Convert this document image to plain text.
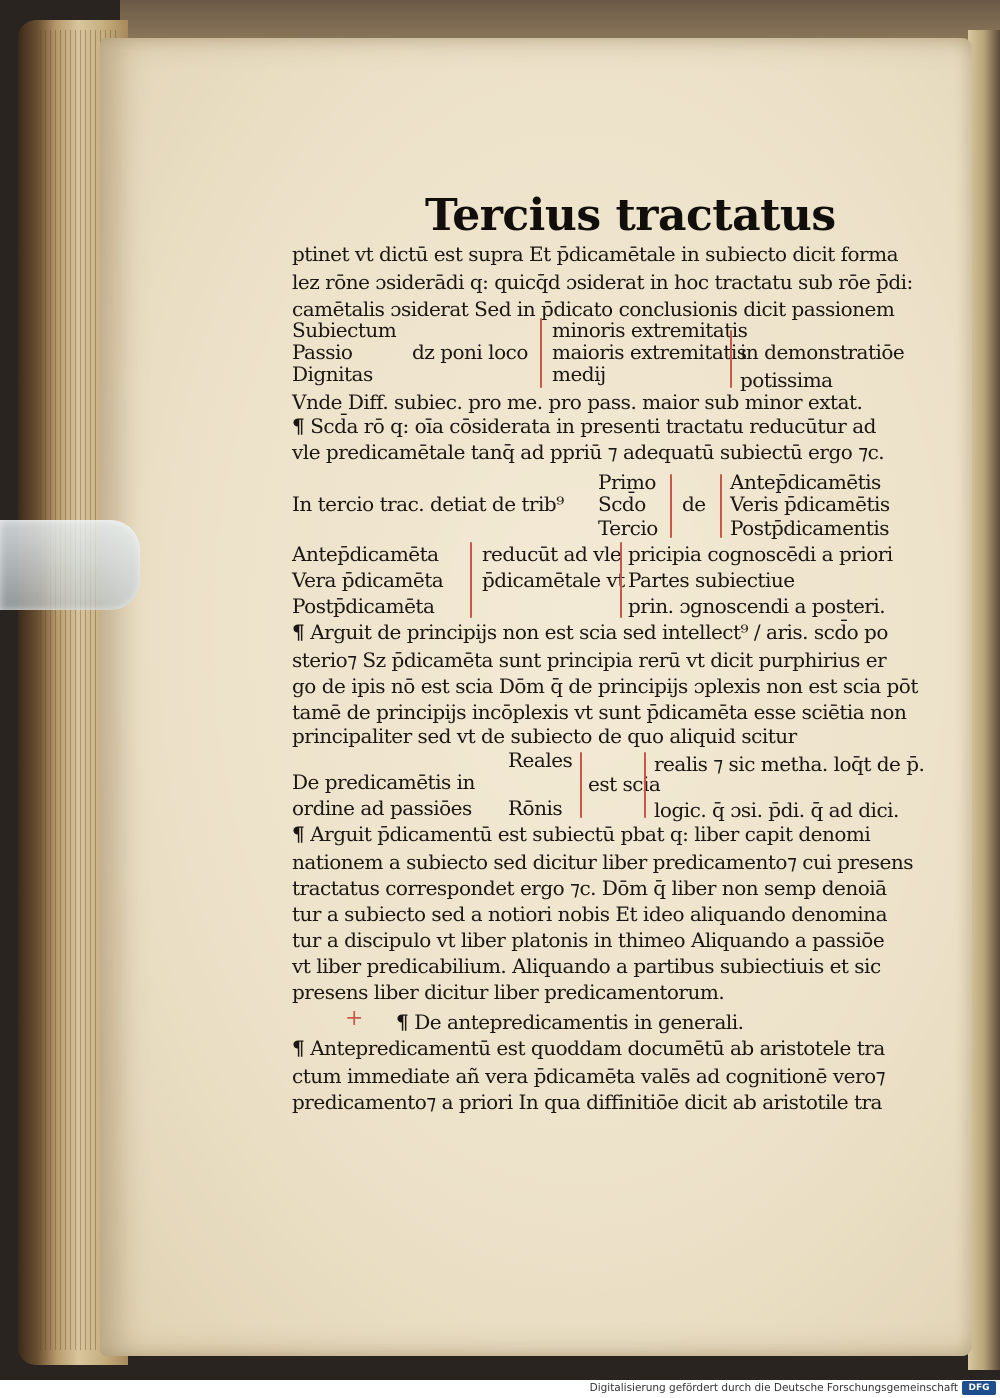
Tercius tractatus
ptinet vt dictū est supra Et p̄dicamētale in subiecto dicit forma
lez rōne ɔsiderādi q: quicq̄d ɔsiderat in hoc tractatu sub rōe p̄di:
camētalis ɔsiderat Sed in p̄dicato conclusionis dicit passionem
Subiectum
Passio
Dignitas
dz poni loco
minoris extremitatis
maioris extremitatis
medij
in demonstratiōe
potissima
Vnde Diff. subiec. pro me. pro pass. maior sub minor extat.
¶ Scd̄a rō q: oīa cōsiderata in presenti tractatu reducūtur ad
vle predicamētale tanq̄ ad ppriū ⁊ adequatū subiectū ergo ⁊c.
Primo
In tercio trac. detiat de trib⁹ Scd̄o
Tercio
de
Antep̄dicamētis
Veris p̄dicamētis
Postp̄dicamentis
Antep̄dicamēta
Vera p̄dicamēta
Postp̄dicamēta
reducūt ad vle
p̄dicamētale vt
pricipia cognoscēdi a priori
Partes subiectiue
prin. ɔgnoscendi a posteri.
¶ Arguit de principijs non est scia sed intellect⁹ / aris. scd̄o po
sterio⁊ Sz p̄dicamēta sunt principia rerū vt dicit purphirius er
go de ipis nō est scia Dōm q̄ de principijs ɔplexis non est scia pōt
tamē de principijs incōplexis vt sunt p̄dicamēta esse sciētia non
principaliter sed vt de subiecto de quo aliquid scitur
Reales
De predicamētis in
ordine ad passiōes Rōnis
est scia
realis ⁊ sic metha. loq̄t de p̄.
logic. q̄ ɔsi. p̄di. q̄ ad dici.
¶ Arguit p̄dicamentū est subiectū pbat q: liber capit denomi
nationem a subiecto sed dicitur liber predicamento⁊ cui presens
tractatus correspondet ergo ⁊c. Dōm q̄ liber non semp denoiā
tur a subiecto sed a notiori nobis Et ideo aliquando denomina
tur a discipulo vt liber platonis in thimeo Aliquando a passiōe
vt liber predicabilium. Aliquando a partibus subiectiuis et sic
presens liber dicitur liber predicamentorum.
+ ¶ De antepredicamentis in generali.
¶ Antepredicamentū est quoddam documētū ab aristotele tra
ctum immediate añ vera p̄dicamēta valēs ad cognitionē vero⁊
predicamento⁊ a priori In qua diffinitiōe dicit ab aristotile tra
Digitalisierung gefördert durch die Deutsche Forschungsgemeinschaft	DFG
